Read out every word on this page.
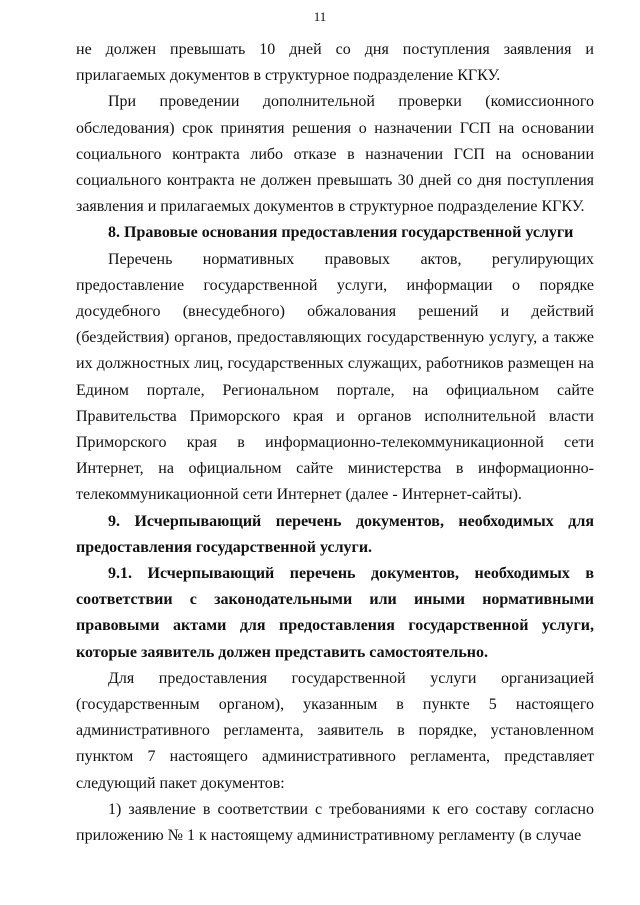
11

не должен превышать 10 дней со дня поступления заявления и прилагаемых документов в структурное подразделение КГКУ.

При проведении дополнительной проверки (комиссионного обследования) срок принятия решения о назначении ГСП на основании социального контракта либо отказе в назначении ГСП на основании социального контракта не должен превышать 30 дней со дня поступления заявления и прилагаемых документов в структурное подразделение КГКУ.

8. Правовые основания предоставления государственной услуги

Перечень нормативных правовых актов, регулирующих предоставление государственной услуги, информации о порядке досудебного (внесудебного) обжалования решений и действий (бездействия) органов, предоставляющих государственную услугу, а также их должностных лиц, государственных служащих, работников размещен на Едином портале, Региональном портале, на официальном сайте Правительства Приморского края и органов исполнительной власти Приморского края в информационно-телекоммуникационной сети Интернет, на официальном сайте министерства в информационно-телекоммуникационной сети Интернет (далее - Интернет-сайты).

9. Исчерпывающий перечень документов, необходимых для предоставления государственной услуги.

9.1. Исчерпывающий перечень документов, необходимых в соответствии с законодательными или иными нормативными правовыми актами для предоставления государственной услуги, которые заявитель должен представить самостоятельно.

Для предоставления государственной услуги организацией (государственным органом), указанным в пункте 5 настоящего административного регламента, заявитель в порядке, установленном пунктом 7 настоящего административного регламента, представляет следующий пакет документов:

1) заявление в соответствии с требованиями к его составу согласно приложению № 1 к настоящему административному регламенту (в случае
